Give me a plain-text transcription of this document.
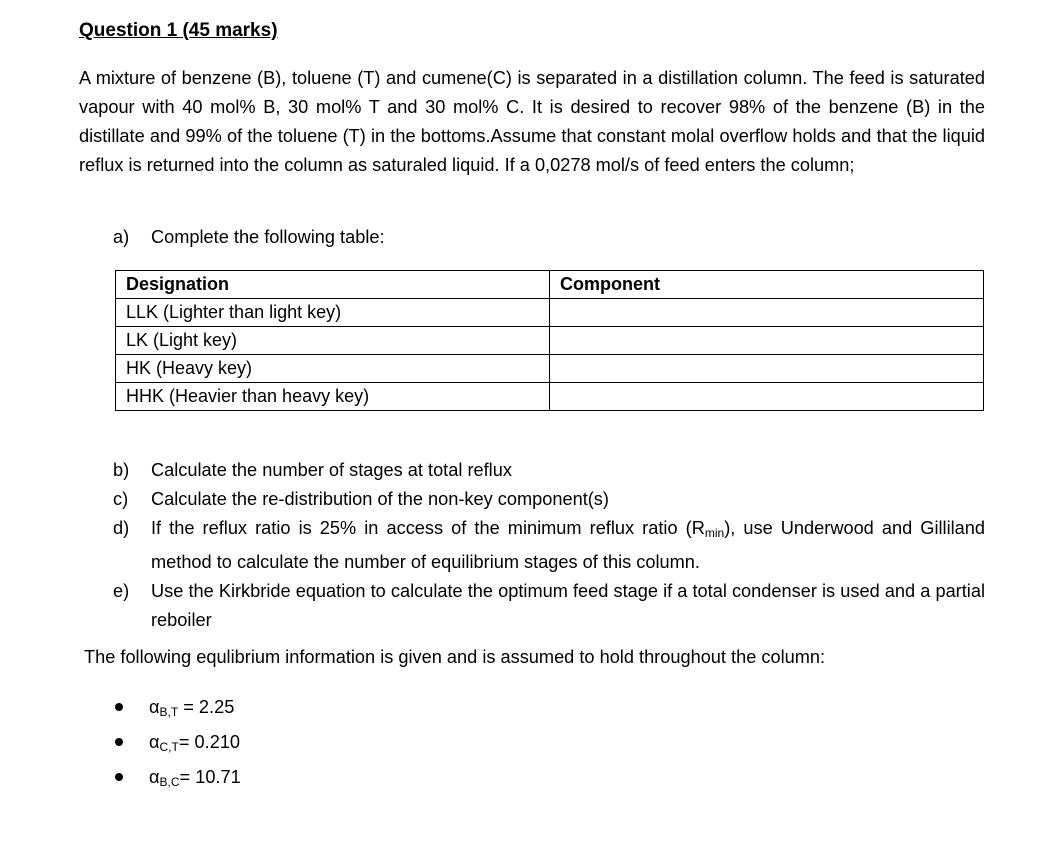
Question 1 (45 marks)

A mixture of benzene (B), toluene (T) and cumene(C) is separated in a distillation column. The feed is saturated vapour with 40 mol% B, 30 mol% T and 30 mol% C. It is desired to recover 98% of the benzene (B) in the distillate and 99% of the toluene (T) in the bottoms.Assume that constant molal overflow holds and that the liquid reflux is returned into the column as saturaled liquid. If a 0,0278 mol/s of feed enters the column;

a) Complete the following table:

Designation	Component
LLK (Lighter than light key)	
LK (Light key)	
HK (Heavy key)	
HHK (Heavier than heavy key)	
b) Calculate the number of stages at total reflux
c) Calculate the re-distribution of the non-key component(s)
d) If the reflux ratio is 25% in access of the minimum reflux ratio $(R_{min})$, use Underwood and Gilliland method to calculate the number of equilibrium stages of this column.
e) Use the Kirkbride equation to calculate the optimum feed stage if a total condenser is used and a partial reboiler

The following equlibrium information is given and is assumed to hold throughout the column:

$\alpha_{B,T} = 2.25$
$\alpha_{C,T}= 0.210$
$\alpha_{B,C}= 10.71$
